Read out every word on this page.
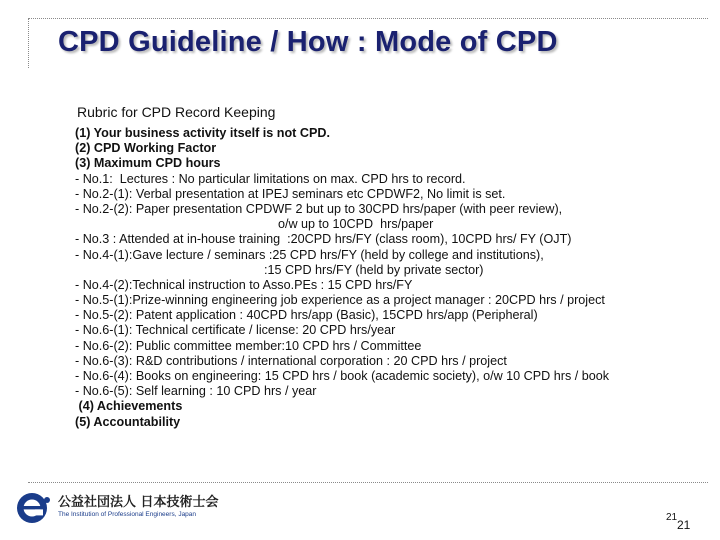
CPD Guideline / How : Mode of CPD
Rubric for CPD Record Keeping
(1) Your business activity itself is not CPD.
(2) CPD Working Factor
(3) Maximum CPD hours
- No.1:  Lectures : No particular limitations on max. CPD hrs to record.
- No.2-(1): Verbal presentation at IPEJ seminars etc CPDWF2, No limit is set.
- No.2-(2): Paper presentation CPDWF 2 but up to 30CPD hrs/paper (with peer review),
o/w up to 10CPD  hrs/paper
- No.3 : Attended at in-house training  :20CPD hrs/FY (class room), 10CPD hrs/ FY (OJT)
- No.4-(1):Gave lecture / seminars :25 CPD hrs/FY (held by college and institutions),
:15 CPD hrs/FY (held by private sector)
- No.4-(2):Technical instruction to Asso.PEs : 15 CPD hrs/FY
- No.5-(1):Prize-winning engineering job experience as a project manager : 20CPD hrs / project
- No.5-(2): Patent application : 40CPD hrs/app (Basic), 15CPD hrs/app (Peripheral)
- No.6-(1): Technical certificate / license: 20 CPD hrs/year
- No.6-(2): Public committee member:10 CPD hrs / Committee
- No.6-(3): R&D contributions / international corporation : 20 CPD hrs / project
- No.6-(4): Books on engineering: 15 CPD hrs / book (academic society), o/w 10 CPD hrs / book
- No.6-(5): Self learning : 10 CPD hrs / year
(4) Achievements
(5) Accountability
公益社団法人 日本技術士会
The Institution of Professional Engineers, Japan	21
21
